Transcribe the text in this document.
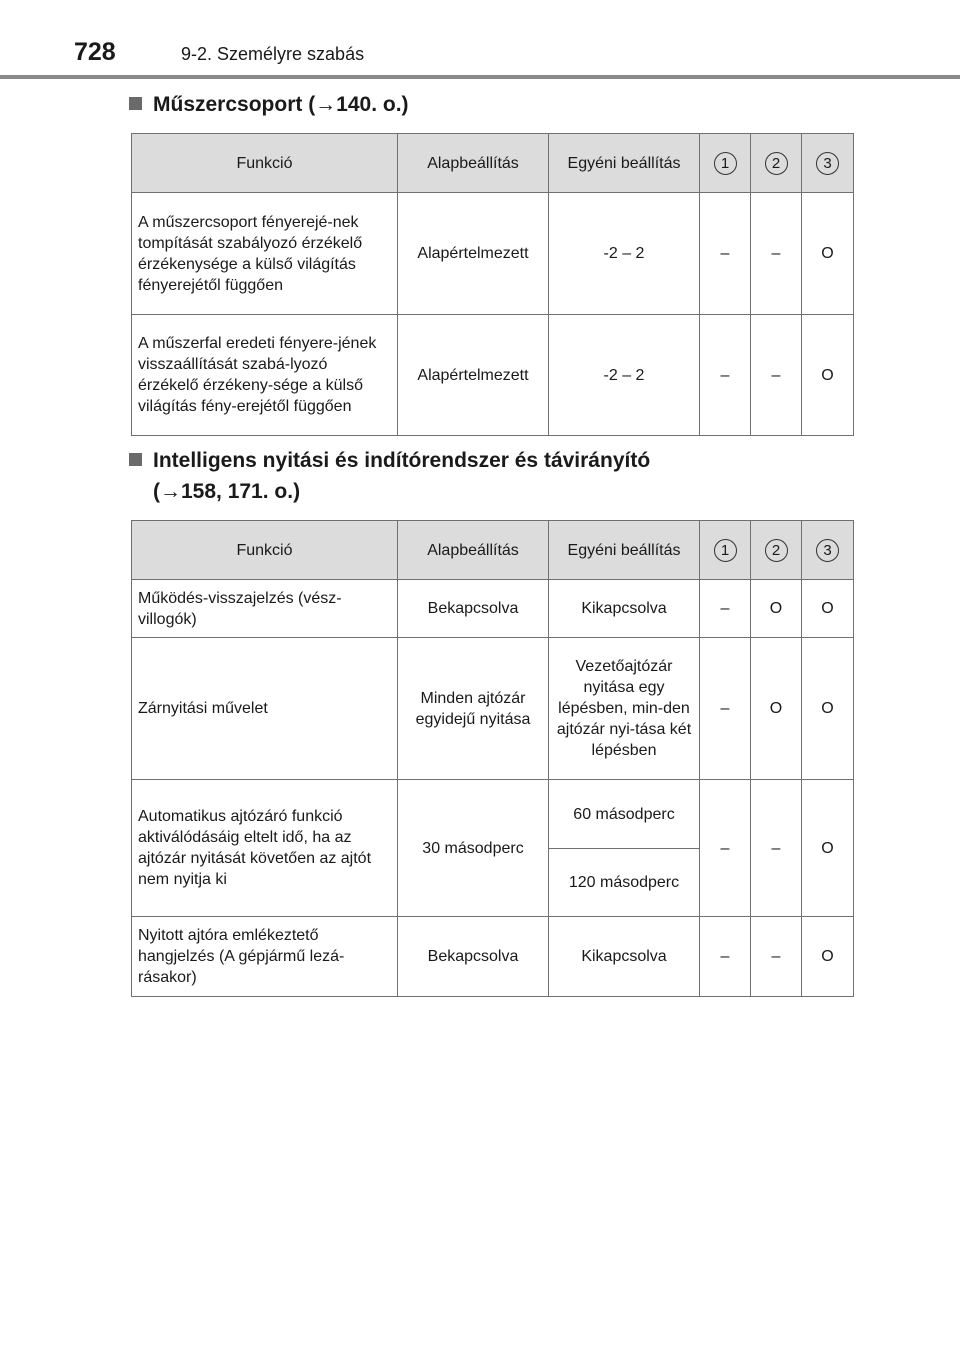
728	9-2. Személyre szabás
Műszercsoport (→140. o.)
Funkció	Alapbeállítás	Egyéni beállítás	1	2	3
A műszercsoport fényerejé-nek tompítását szabályozó érzékelő érzékenysége a külső világítás fényerejétől függően	Alapértelmezett	-2 – 2	–	–	O
A műszerfal eredeti fényere-jének visszaállítását szabá-lyozó érzékelő érzékeny-sége a külső világítás fény-erejétől függően	Alapértelmezett	-2 – 2	–	–	O
Intelligens nyitási és indítórendszer és távirányító
(→158, 171. o.)
Funkció	Alapbeállítás	Egyéni beállítás	1	2	3
Működés-visszajelzés (vész-villogók)	Bekapcsolva	Kikapcsolva	–	O	O
Zárnyitási művelet	Minden ajtózár egyidejű nyitása	Vezetőajtózár nyitása egy lépésben, min-den ajtózár nyi-tása két lépésben	–	O	O
Automatikus ajtózáró funkció aktiválódásáig eltelt idő, ha az ajtózár nyitását követően az ajtót nem nyitja ki	30 másodperc	60 másodperc	–	–	O
		120 másodperc			
Nyitott ajtóra emlékeztető hangjelzés (A gépjármű lezá-rásakor)	Bekapcsolva	Kikapcsolva	–	–	O
